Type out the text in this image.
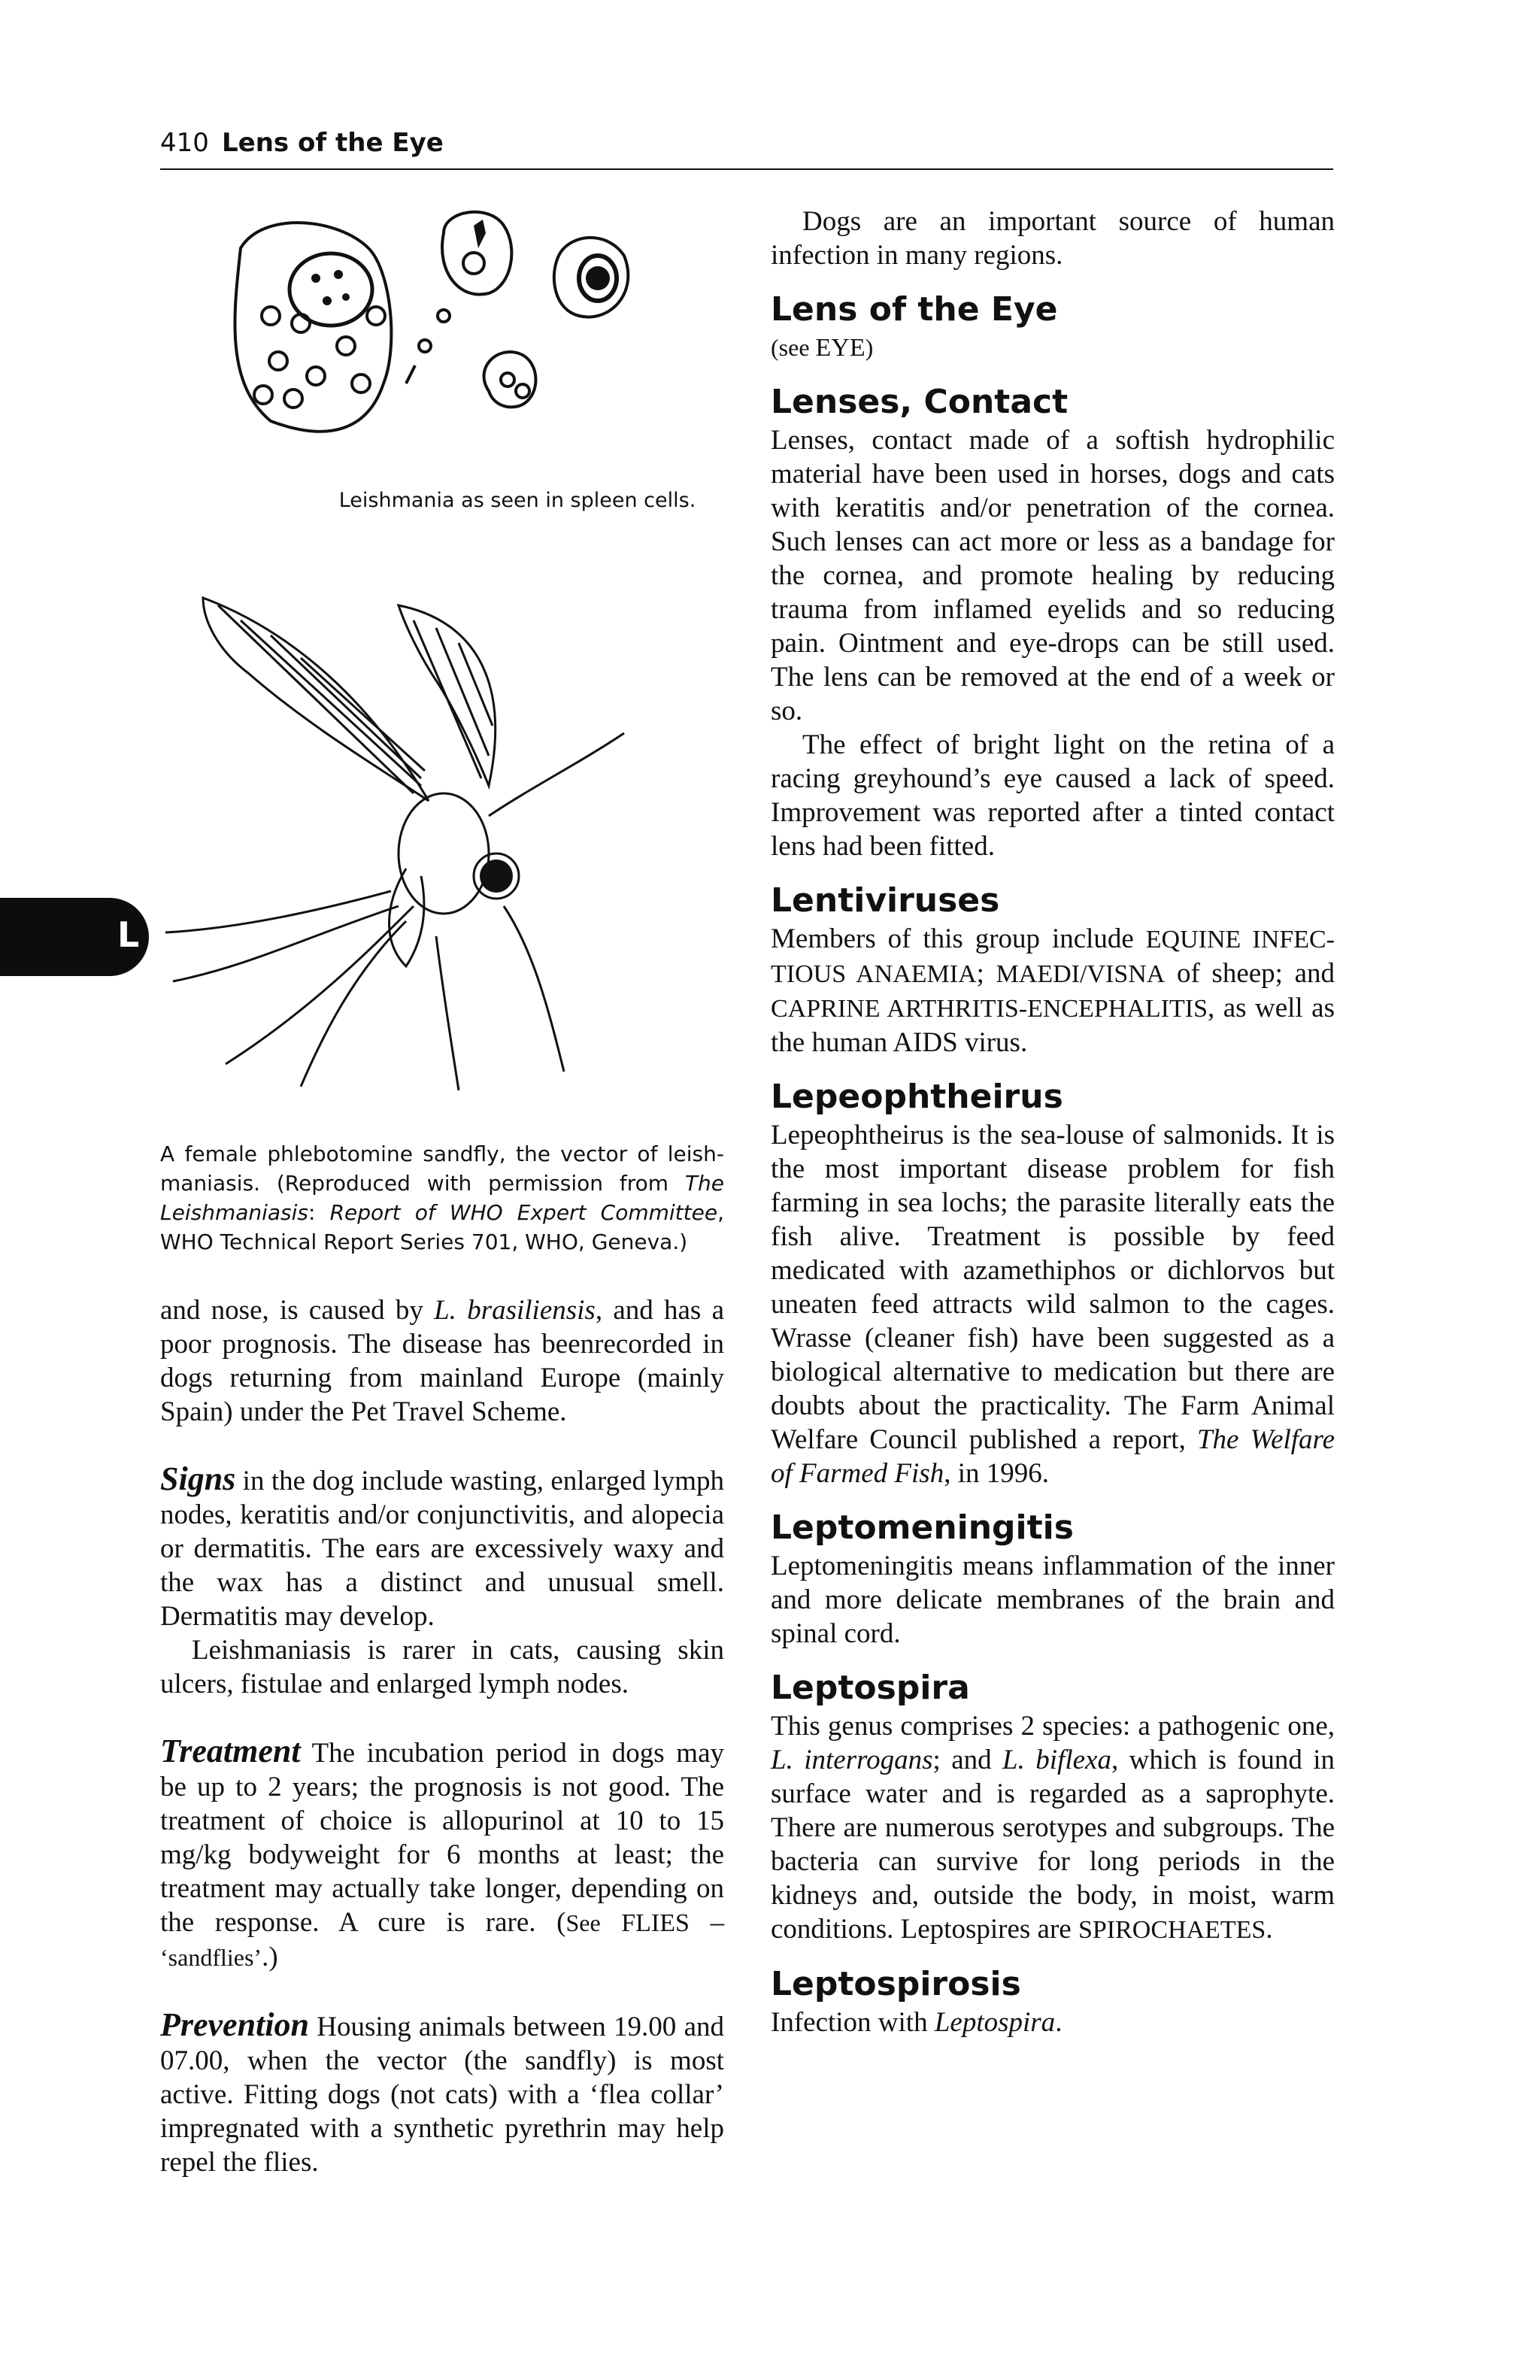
410 Lens of the Eye
L
Leishmania as seen in spleen cells.
A female phlebotomine sandfly, the vector of leishmaniasis. (Reproduced with permission from The Leishmaniasis: Report of WHO Expert Committee, WHO Technical Report Series 701, WHO, Geneva.)

and nose, is caused by L. brasiliensis, and has a poor prognosis. The disease has beenrecorded in dogs returning from mainland Europe (mainly Spain) under the Pet Travel Scheme.

Signs in the dog include wasting, enlarged lymph nodes, keratitis and/or conjunctivitis, and alopecia or dermatitis. The ears are excessively waxy and the wax has a distinct and unusual smell. Dermatitis may develop.

Leishmaniasis is rarer in cats, causing skin ulcers, fistulae and enlarged lymph nodes.

Treatment The incubation period in dogs may be up to 2 years; the prognosis is not good. The treatment of choice is allopurinol at 10 to 15 mg/kg bodyweight for 6 months at least; the treatment may actually take longer, depending on the response. A cure is rare. (See FLIES – ‘sandflies’.)

Prevention Housing animals between 19.00 and 07.00, when the vector (the sandfly) is most active. Fitting dogs (not cats) with a ‘flea collar’ impregnated with a synthetic pyrethrin may help repel the flies.

Dogs are an important source of human infection in many regions.

Lens of the Eye

(see EYE)

Lenses, Contact

Lenses, contact made of a softish hydrophilic material have been used in horses, dogs and cats with keratitis and/or penetration of the cornea. Such lenses can act more or less as a bandage for the cornea, and promote healing by reducing trauma from inflamed eyelids and so reducing pain. Ointment and eye-drops can be still used. The lens can be removed at the end of a week or so.

The effect of bright light on the retina of a racing greyhound’s eye caused a lack of speed. Improvement was reported after a tinted contact lens had been fitted.

Lentiviruses

Members of this group include EQUINE INFECTIOUS ANAEMIA; MAEDI/VISNA of sheep; and CAPRINE ARTHRITIS-ENCEPHALITIS, as well as the human AIDS virus.

Lepeophtheirus

Lepeophtheirus is the sea-louse of salmonids. It is the most important disease problem for fish farming in sea lochs; the parasite literally eats the fish alive. Treatment is possible by feed medicated with azamethiphos or dichlorvos but uneaten feed attracts wild salmon to the cages. Wrasse (cleaner fish) have been suggested as a biological alternative to medication but there are doubts about the practicality. The Farm Animal Welfare Council published a report, The Welfare of Farmed Fish, in 1996.

Leptomeningitis

Leptomeningitis means inflammation of the inner and more delicate membranes of the brain and spinal cord.

Leptospira

This genus comprises 2 species: a pathogenic one, L. interrogans; and L. biflexa, which is found in surface water and is regarded as a saprophyte. There are numerous serotypes and subgroups. The bacteria can survive for long periods in the kidneys and, outside the body, in moist, warm conditions. Leptospires are SPIROCHAETES.

Leptospirosis

Infection with Leptospira.
